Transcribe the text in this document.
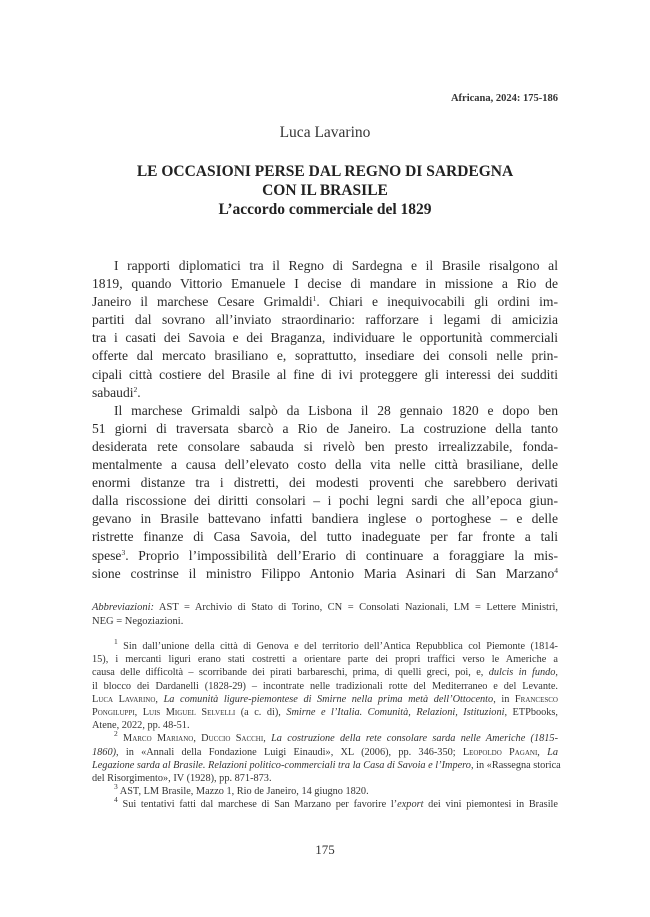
Africana, 2024: 175-186
Luca Lavarino
LE OCCASIONI PERSE DAL REGNO DI SARDEGNA
CON IL BRASILE
L’accordo commerciale del 1829

I rapporti diplomatici tra il Regno di Sardegna e il Brasile risalgono al
1819, quando Vittorio Emanuele I decise di mandare in missione a Rio de
Janeiro il marchese Cesare Grimaldi$^1$. Chiari e inequivocabili gli ordini im-
partiti dal sovrano all’inviato straordinario: rafforzare i legami di amicizia
tra i casati dei Savoia e dei Braganza, individuare le opportunità commerciali
offerte dal mercato brasiliano e, soprattutto, insediare dei consoli nelle prin-
cipali città costiere del Brasile al fine di ivi proteggere gli interessi dei sudditi
sabaudi$^2$.

Il marchese Grimaldi salpò da Lisbona il 28 gennaio 1820 e dopo ben
51 giorni di traversata sbarcò a Rio de Janeiro. La costruzione della tanto
desiderata rete consolare sabauda si rivelò ben presto irrealizzabile, fonda-
mentalmente a causa dell’elevato costo della vita nelle città brasiliane, delle
enormi distanze tra i distretti, dei modesti proventi che sarebbero derivati
dalla riscossione dei diritti consolari – i pochi legni sardi che all’epoca giun-
gevano in Brasile battevano infatti bandiera inglese o portoghese – e delle
ristrette finanze di Casa Savoia, del tutto inadeguate per far fronte a tali
spese$^3$. Proprio l’impossibilità dell’Erario di continuare a foraggiare la mis-
sione costrinse il ministro Filippo Antonio Maria Asinari di San Marzano$^4$

Abbreviazioni: AST = Archivio di Stato di Torino, CN = Consolati Nazionali, LM = Lettere Ministri,
NEG = Negoziazioni.
$^1$ Sin dall’unione della città di Genova e del territorio dell’Antica Repubblica col Piemonte (1814-
15), i mercanti liguri erano stati costretti a orientare parte dei propri traffici verso le Americhe a
causa delle difficoltà – scorribande dei pirati barbareschi, prima, di quelli greci, poi, e, dulcis in fundo,
il blocco dei Dardanelli (1828-29) – incontrate nelle tradizionali rotte del Mediterraneo e del Levante.
Luca Lavarino, La comunità ligure-piemontese di Smirne nella prima metà dell’Ottocento, in Francesco
Pongiluppi, Luis Miguel Selvelli (a c. di), Smirne e l’Italia. Comunità, Relazioni, Istituzioni, ETPbooks,
Atene, 2022, pp. 48-51.
$^2$ Marco Mariano, Duccio Sacchi, La costruzione della rete consolare sarda nelle Americhe (1815-
1860), in «Annali della Fondazione Luigi Einaudi», XL (2006), pp. 346-350; Leopoldo Pagani, La
Legazione sarda al Brasile. Relazioni politico-commerciali tra la Casa di Savoia e l’Impero, in «Rassegna storica
del Risorgimento», IV (1928), pp. 871-873.
$^3$ AST, LM Brasile, Mazzo 1, Rio de Janeiro, 14 giugno 1820.
$^4$ Sui tentativi fatti dal marchese di San Marzano per favorire l’export dei vini piemontesi in Brasile
175
